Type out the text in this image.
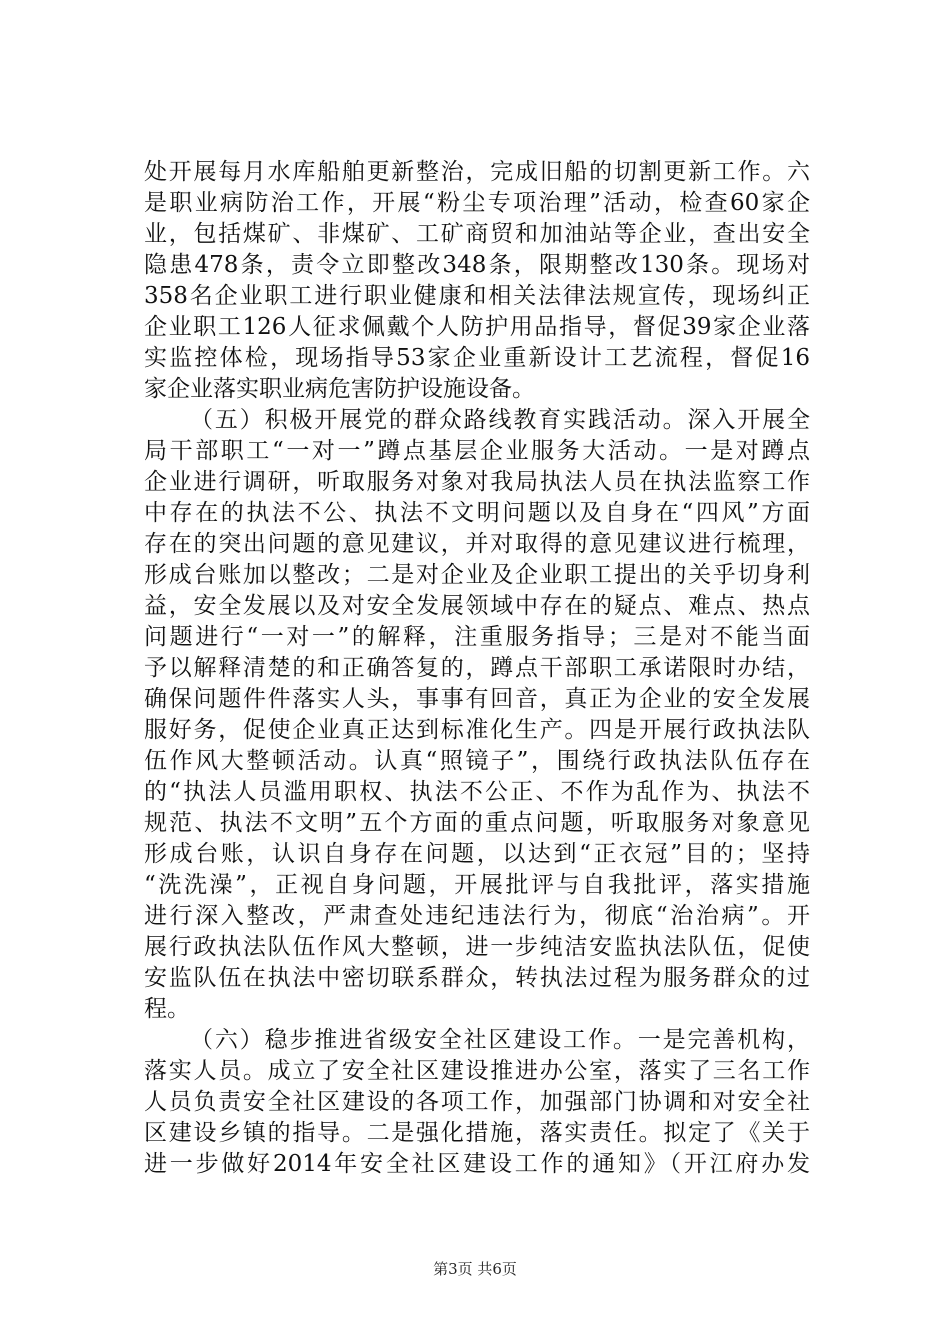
处开展每月水库船舶更新整治，完成旧船的切割更新工作。六
是职业病防治工作，开展“粉尘专项治理”活动，检查60家企
业，包括煤矿、非煤矿、工矿商贸和加油站等企业，查出安全
隐患478条，责令立即整改348条，限期整改130条。现场对
358名企业职工进行职业健康和相关法律法规宣传，现场纠正
企业职工126人征求佩戴个人防护用品指导，督促39家企业落
实监控体检，现场指导53家企业重新设计工艺流程，督促16
家企业落实职业病危害防护设施设备。
（五）积极开展党的群众路线教育实践活动。深入开展全
局干部职工“一对一”蹲点基层企业服务大活动。一是对蹲点
企业进行调研，听取服务对象对我局执法人员在执法监察工作
中存在的执法不公、执法不文明问题以及自身在“四风”方面
存在的突出问题的意见建议，并对取得的意见建议进行梳理，
形成台账加以整改；二是对企业及企业职工提出的关乎切身利
益，安全发展以及对安全发展领域中存在的疑点、难点、热点
问题进行“一对一”的解释，注重服务指导；三是对不能当面
予以解释清楚的和正确答复的，蹲点干部职工承诺限时办结，
确保问题件件落实人头，事事有回音，真正为企业的安全发展
服好务，促使企业真正达到标准化生产。四是开展行政执法队
伍作风大整顿活动。认真“照镜子”，围绕行政执法队伍存在
的“执法人员滥用职权、执法不公正、不作为乱作为、执法不
规范、执法不文明”五个方面的重点问题，听取服务对象意见
形成台账，认识自身存在问题，以达到“正衣冠”目的；坚持
“洗洗澡”，正视自身问题，开展批评与自我批评，落实措施
进行深入整改，严肃查处违纪违法行为，彻底“治治病”。开
展行政执法队伍作风大整顿，进一步纯洁安监执法队伍，促使
安监队伍在执法中密切联系群众，转执法过程为服务群众的过
程。
（六）稳步推进省级安全社区建设工作。一是完善机构，
落实人员。成立了安全社区建设推进办公室，落实了三名工作
人员负责安全社区建设的各项工作，加强部门协调和对安全社
区建设乡镇的指导。二是强化措施，落实责任。拟定了《关于
进一步做好2014年安全社区建设工作的通知》（开江府办发
第3页 共6页
